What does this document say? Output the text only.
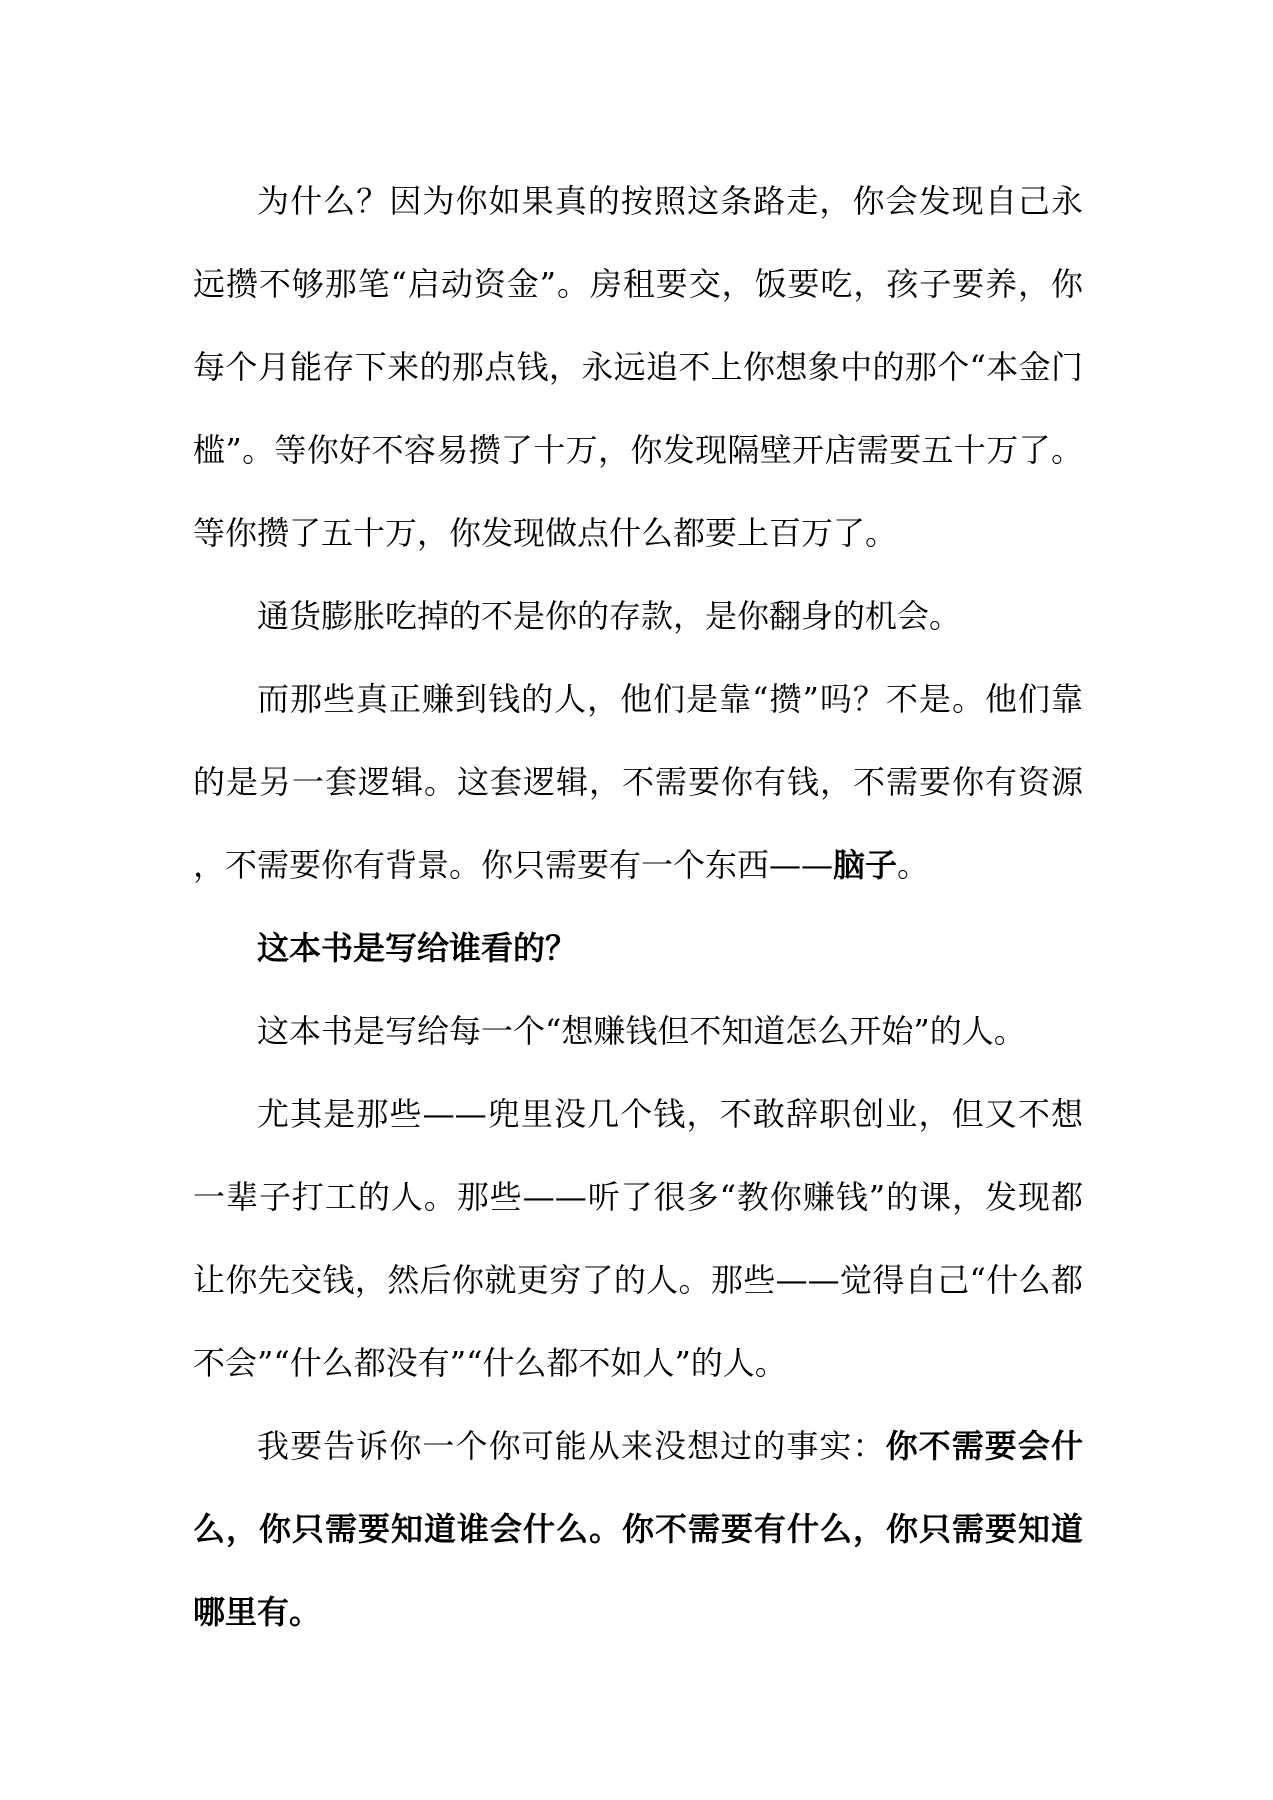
为什么？因为你如果真的按照这条路走，你会发现自己永远攒不够那笔“启动资金”。房租要交，饭要吃，孩子要养，你每个月能存下来的那点钱，永远追不上你想象中的那个“本金门槛”。等你好不容易攒了十万，你发现隔壁开店需要五十万了。等你攒了五十万，你发现做点什么都要上百万了。

通货膨胀吃掉的不是你的存款，是你翻身的机会。

而那些真正赚到钱的人，他们是靠“攒”吗？不是。他们靠的是另一套逻辑。这套逻辑，不需要你有钱，不需要你有资源，不需要你有背景。你只需要有一个东西——脑子。

这本书是写给谁看的？

这本书是写给每一个“想赚钱但不知道怎么开始”的人。

尤其是那些——兜里没几个钱，不敢辞职创业，但又不想一辈子打工的人。那些——听了很多“教你赚钱”的课，发现都让你先交钱，然后你就更穷了的人。那些——觉得自己“什么都不会”“什么都没有”“什么都不如人”的人。

我要告诉你一个你可能从来没想过的事实：你不需要会什么，你只需要知道谁会什么。你不需要有什么，你只需要知道哪里有。
